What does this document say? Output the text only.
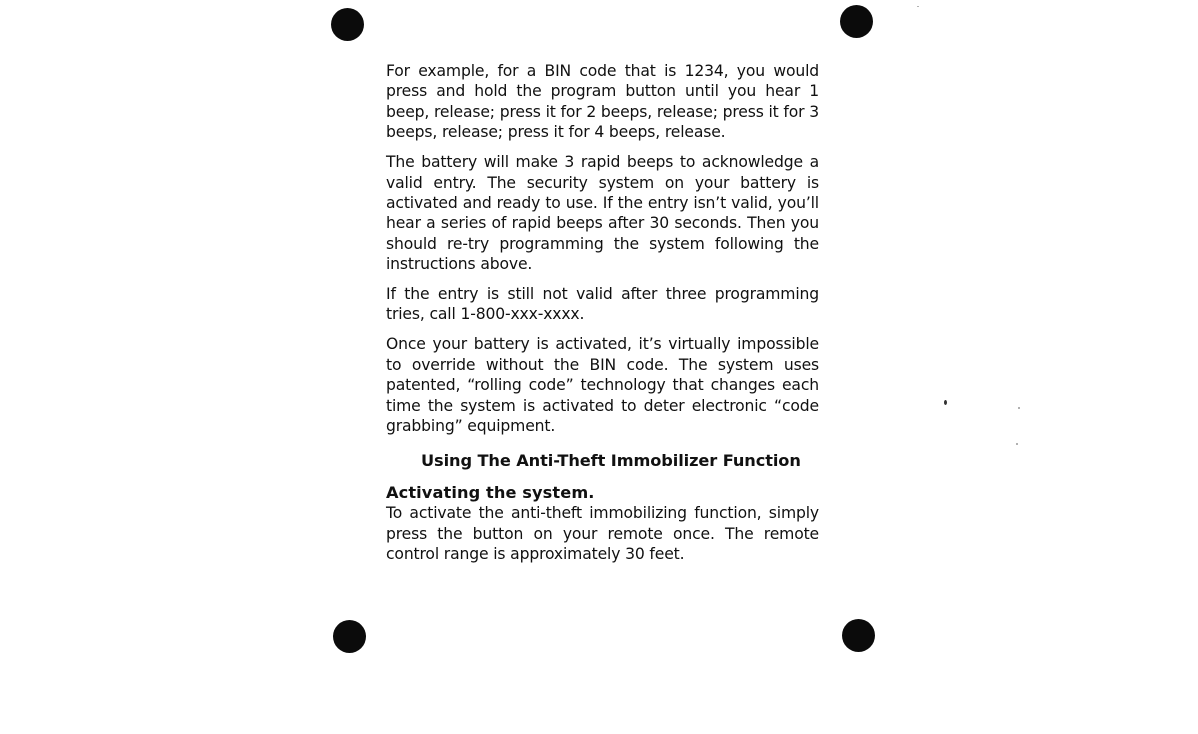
For example, for a BIN code that is 1234, you would press and hold the program button until you hear 1 beep, release; press it for 2 beeps, release; press it for 3 beeps, release; press it for 4 beeps, release.

The battery will make 3 rapid beeps to acknowledge a valid entry. The security system on your battery is activated and ready to use. If the entry isn’t valid, you’ll hear a series of rapid beeps after 30 seconds. Then you should re-try programming the system following the instructions above.

If the entry is still not valid after three programming tries, call 1-800-xxx-xxxx.

Once your battery is activated, it’s virtually impossible to override without the BIN code. The system uses patented, “rolling code” technology that changes each time the system is activated to deter electronic “code grabbing” equipment.

Using The Anti-Theft Immobilizer Function
Activating the system.

To activate the anti-theft immobilizing function, simply press the button on your remote once. The remote control range is approximately 30 feet.
